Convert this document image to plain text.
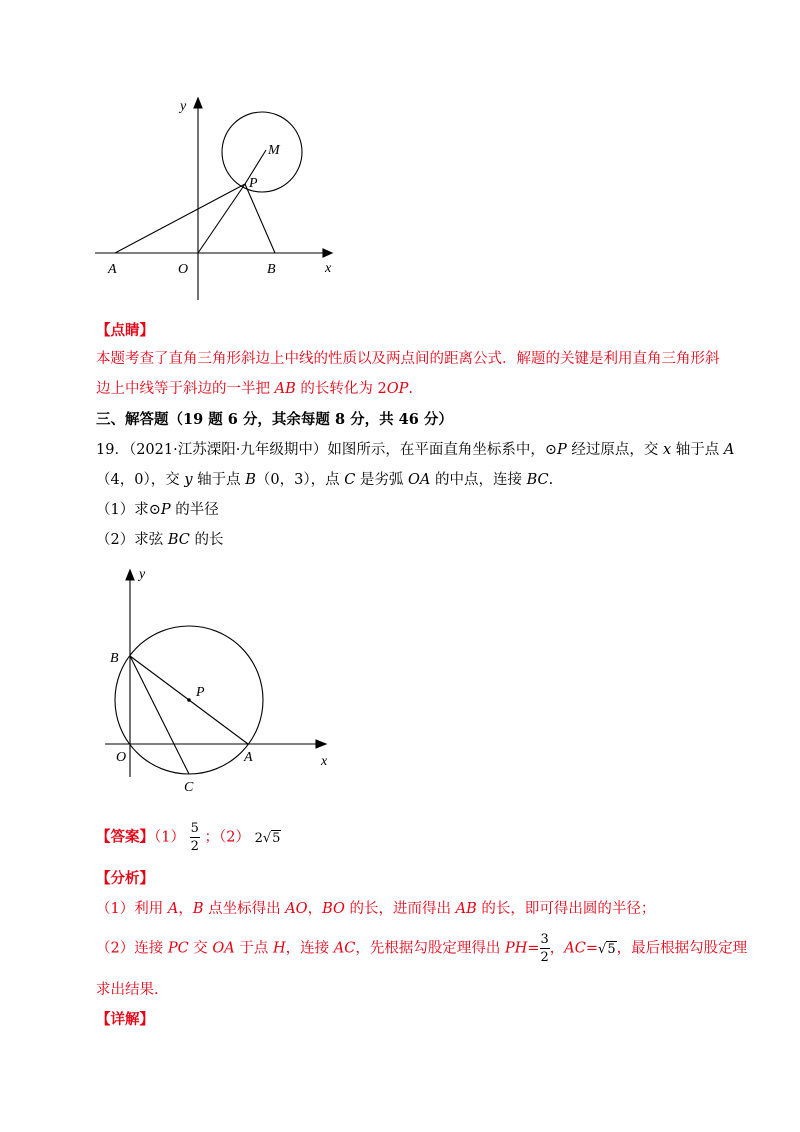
y
M
P
A	O	B	x
【点睛】
本题考查了直角三角形斜边上中线的性质以及两点间的距离公式．解题的关键是利用直角三角形斜
边上中线等于斜边的一半把 AB 的长转化为 2OP.
三、解答题（19 题 6 分，其余每题 8 分，共 46 分）
19．（2021·江苏溧阳·九年级期中）如图所示，在平面直角坐标系中，⊙P 经过原点，交 x 轴于点 A
（4，0），交 y 轴于点 B（0，3），点 C 是劣弧 OA 的中点，连接 BC.
（1）求⊙P 的半径
（2）求弦 BC 的长
y
B
P
O	A	x
C
【答案】$(1) \frac{5}{2}$ ；（2） 2√5
【分析】
（1）利用 A，B 点坐标得出 AO，BO 的长，进而得出 AB 的长，即可得出圆的半径；
（2）连接 PC 交 OA 于点 H，连接 AC，先根据勾股定理得出 $PH= \frac{3}{2}$ ，AC=√5，最后根据勾股定理
求出结果.
【详解】
